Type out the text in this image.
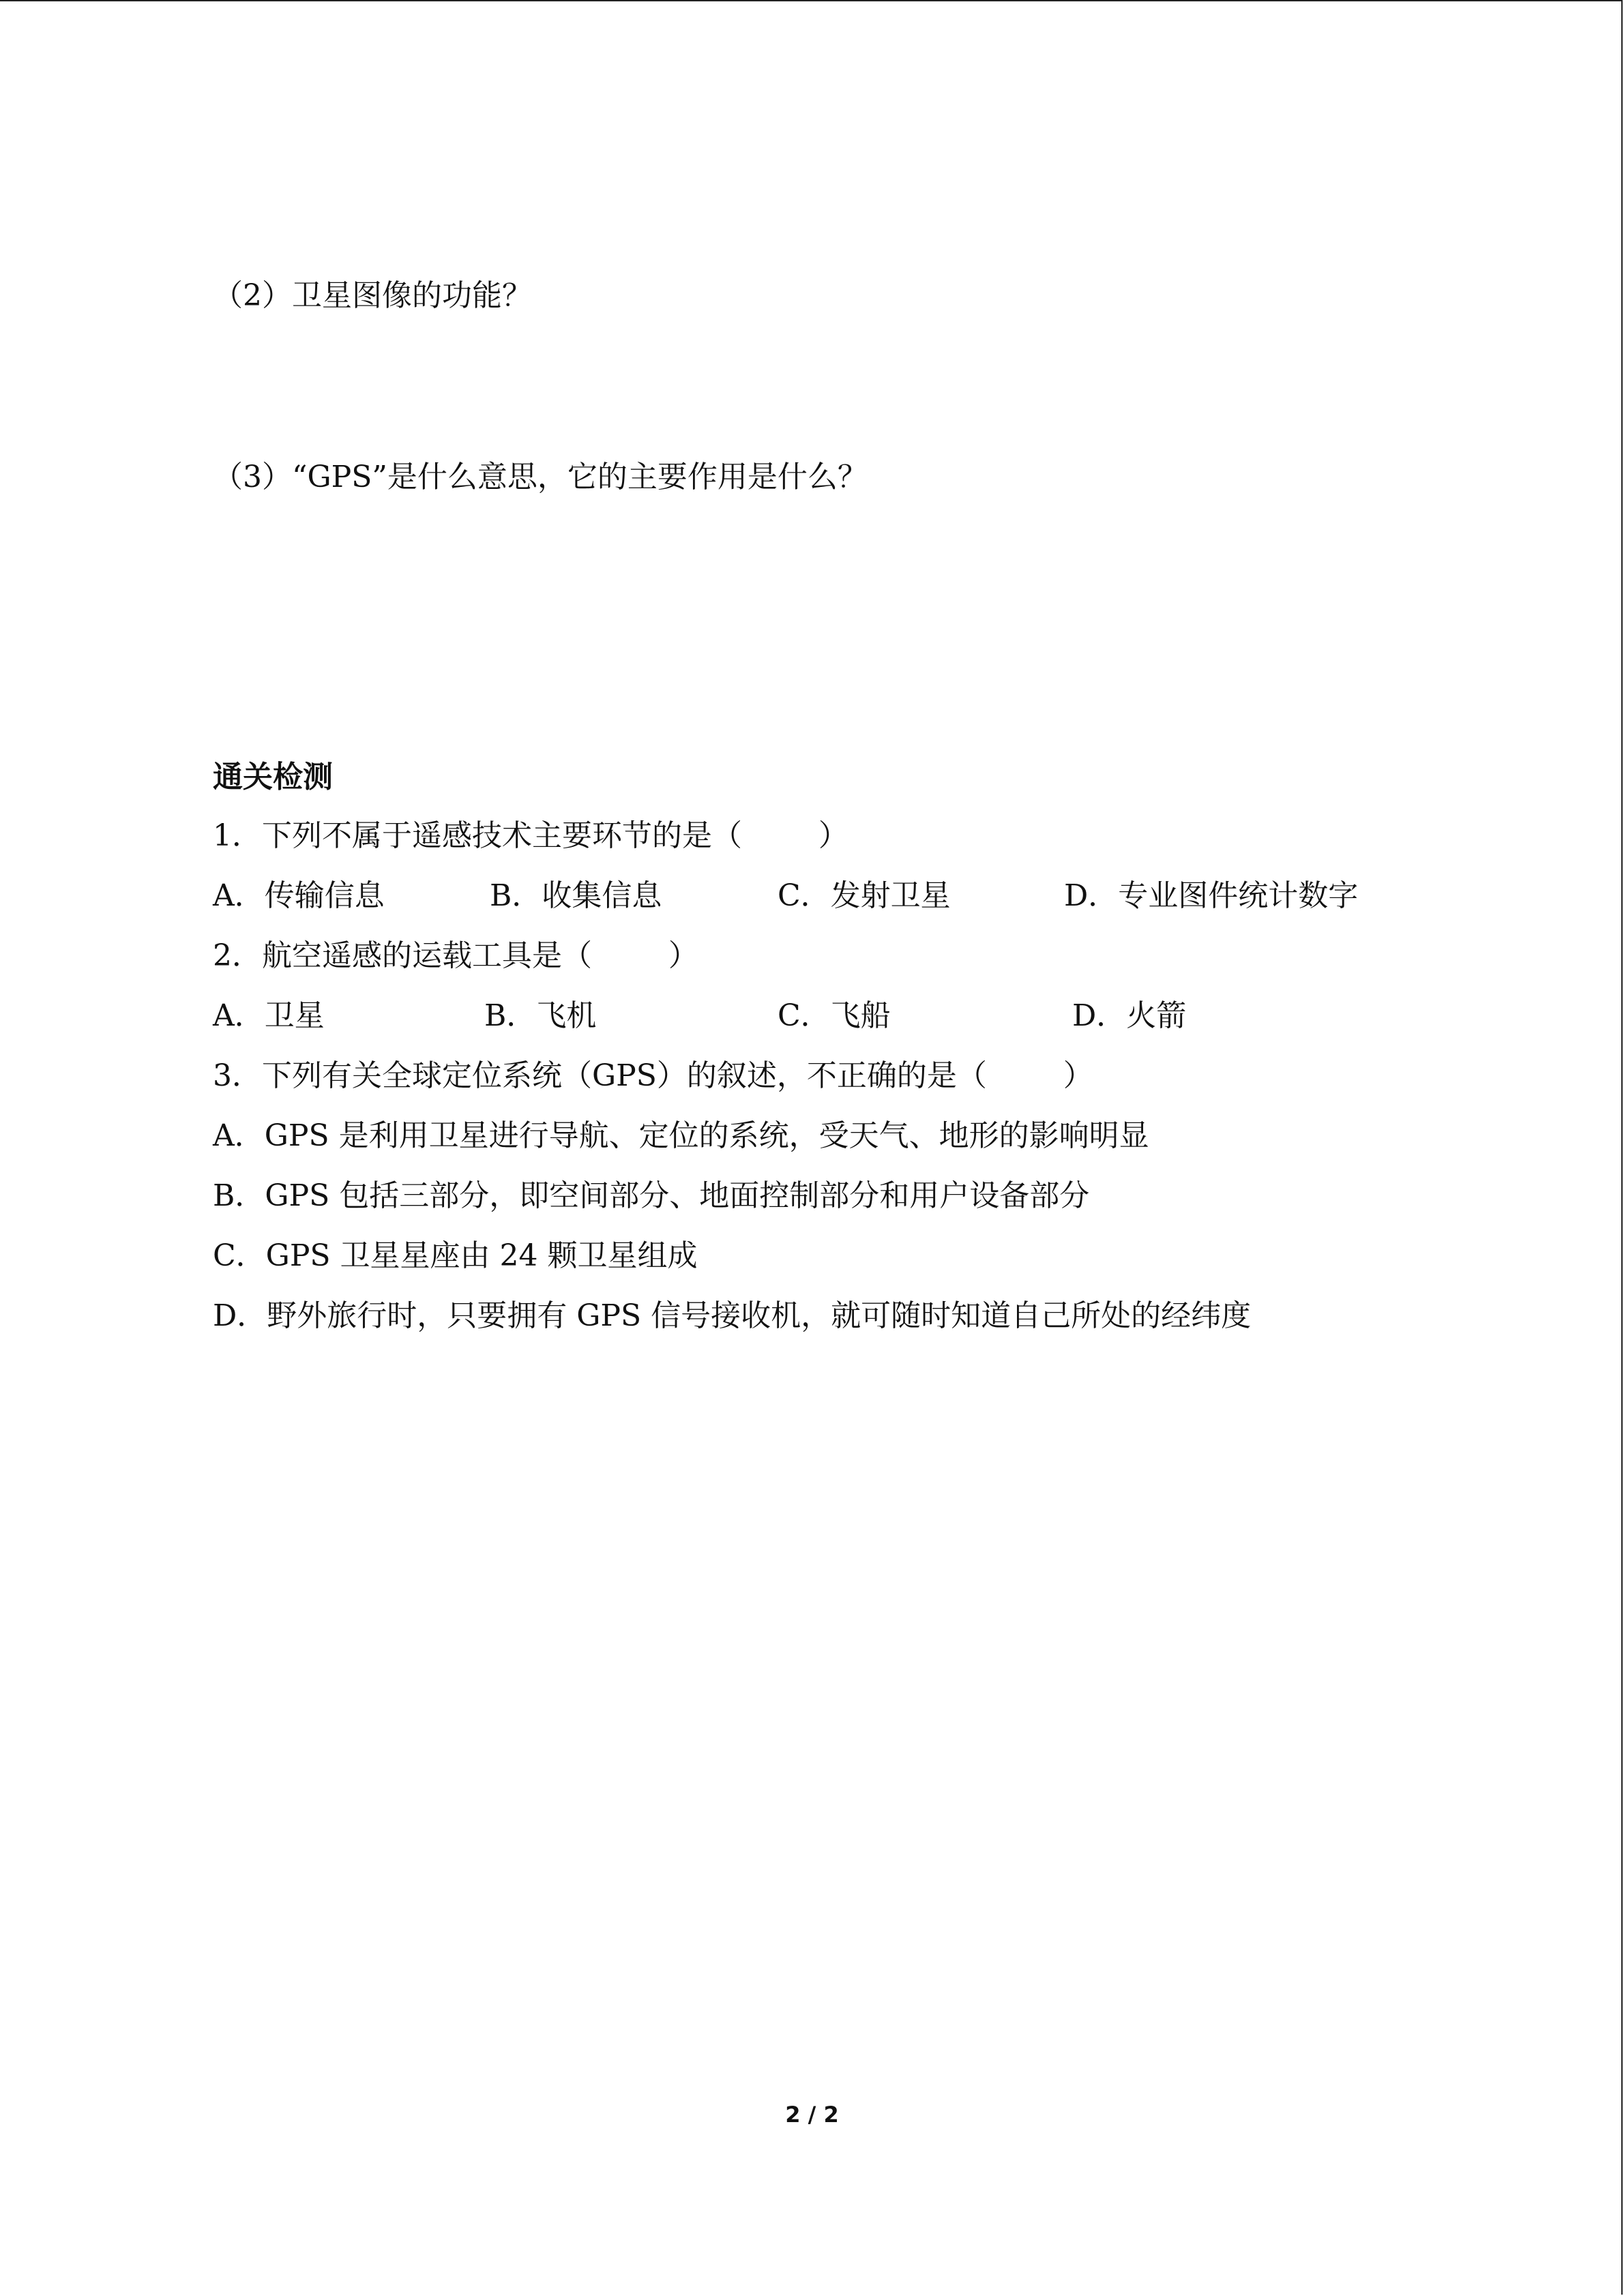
（2）卫星图像的功能？
（3）“GPS”是什么意思，它的主要作用是什么？
通关检测
1．下列不属于遥感技术主要环节的是（        ）
A．传输信息	B．收集信息	C．发射卫星	D．专业图件统计数字
2．航空遥感的运载工具是（        ）
A．卫星	B．飞机	C．飞船	D．火箭
3．下列有关全球定位系统（GPS）的叙述，不正确的是（        ）
A．GPS 是利用卫星进行导航、定位的系统，受天气、地形的影响明显
B．GPS 包括三部分，即空间部分、地面控制部分和用户设备部分
C．GPS 卫星星座由 24 颗卫星组成
D．野外旅行时，只要拥有 GPS 信号接收机，就可随时知道自己所处的经纬度
2 / 2
